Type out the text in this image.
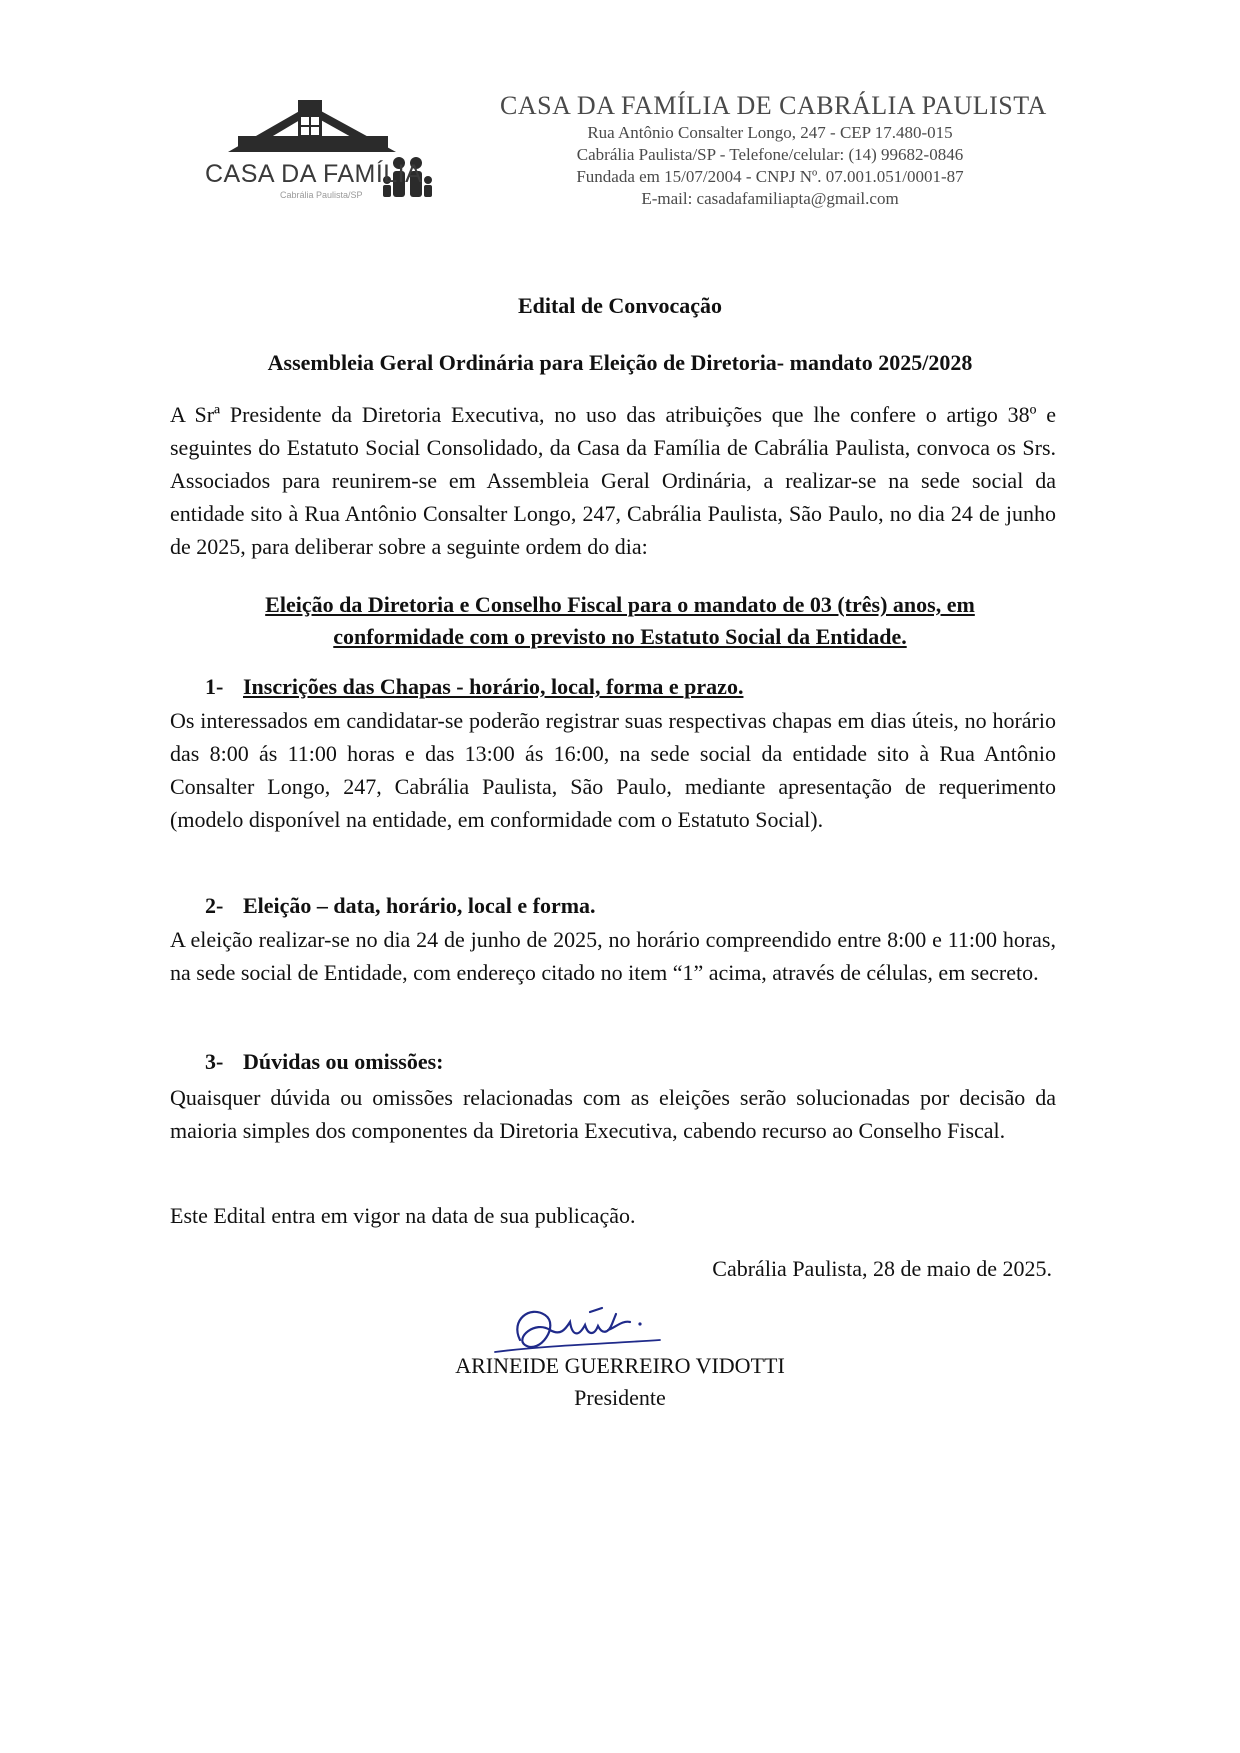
CASA DA FAMÍLIA
Cabrália Paulista/SP
CASA DA FAMÍLIA DE CABRÁLIA PAULISTA
Rua Antônio Consalter Longo, 247 - CEP 17.480-015
Cabrália Paulista/SP - Telefone/celular: (14) 99682-0846
Fundada em 15/07/2004 - CNPJ Nº. 07.001.051/0001-87
E-mail: casadafamiliapta@gmail.com
Edital de Convocação
Assembleia Geral Ordinária para Eleição de Diretoria- mandato 2025/2028

A Srª Presidente da Diretoria Executiva, no uso das atribuições que lhe confere o artigo 38º e seguintes do Estatuto Social Consolidado, da Casa da Família de Cabrália Paulista, convoca os Srs. Associados para reunirem-se em Assembleia Geral Ordinária, a realizar-se na sede social da entidade sito à Rua Antônio Consalter Longo, 247, Cabrália Paulista, São Paulo, no dia 24 de junho de 2025, para deliberar sobre a seguinte ordem do dia:

Eleição da Diretoria e Conselho Fiscal para o mandato de 03 (três) anos, em
conformidade com o previsto no Estatuto Social da Entidade.
1- Inscrições das Chapas - horário, local, forma e prazo.

Os interessados em candidatar-se poderão registrar suas respectivas chapas em dias úteis, no horário das 8:00 ás 11:00 horas e das 13:00 ás 16:00, na sede social da entidade sito à Rua Antônio Consalter Longo, 247, Cabrália Paulista, São Paulo, mediante apresentação de requerimento (modelo disponível na entidade, em conformidade com o Estatuto Social).

2- Eleição – data, horário, local e forma.

A eleição realizar-se no dia 24 de junho de 2025, no horário compreendido entre 8:00 e 11:00 horas, na sede social de Entidade, com endereço citado no item “1” acima, através de células, em secreto.

3- Dúvidas ou omissões:

Quaisquer dúvida ou omissões relacionadas com as eleições serão solucionadas por decisão da maioria simples dos componentes da Diretoria Executiva, cabendo recurso ao Conselho Fiscal.

Este Edital entra em vigor na data de sua publicação.
Cabrália Paulista, 28 de maio de 2025.
ARINEIDE GUERREIRO VIDOTTI
Presidente
